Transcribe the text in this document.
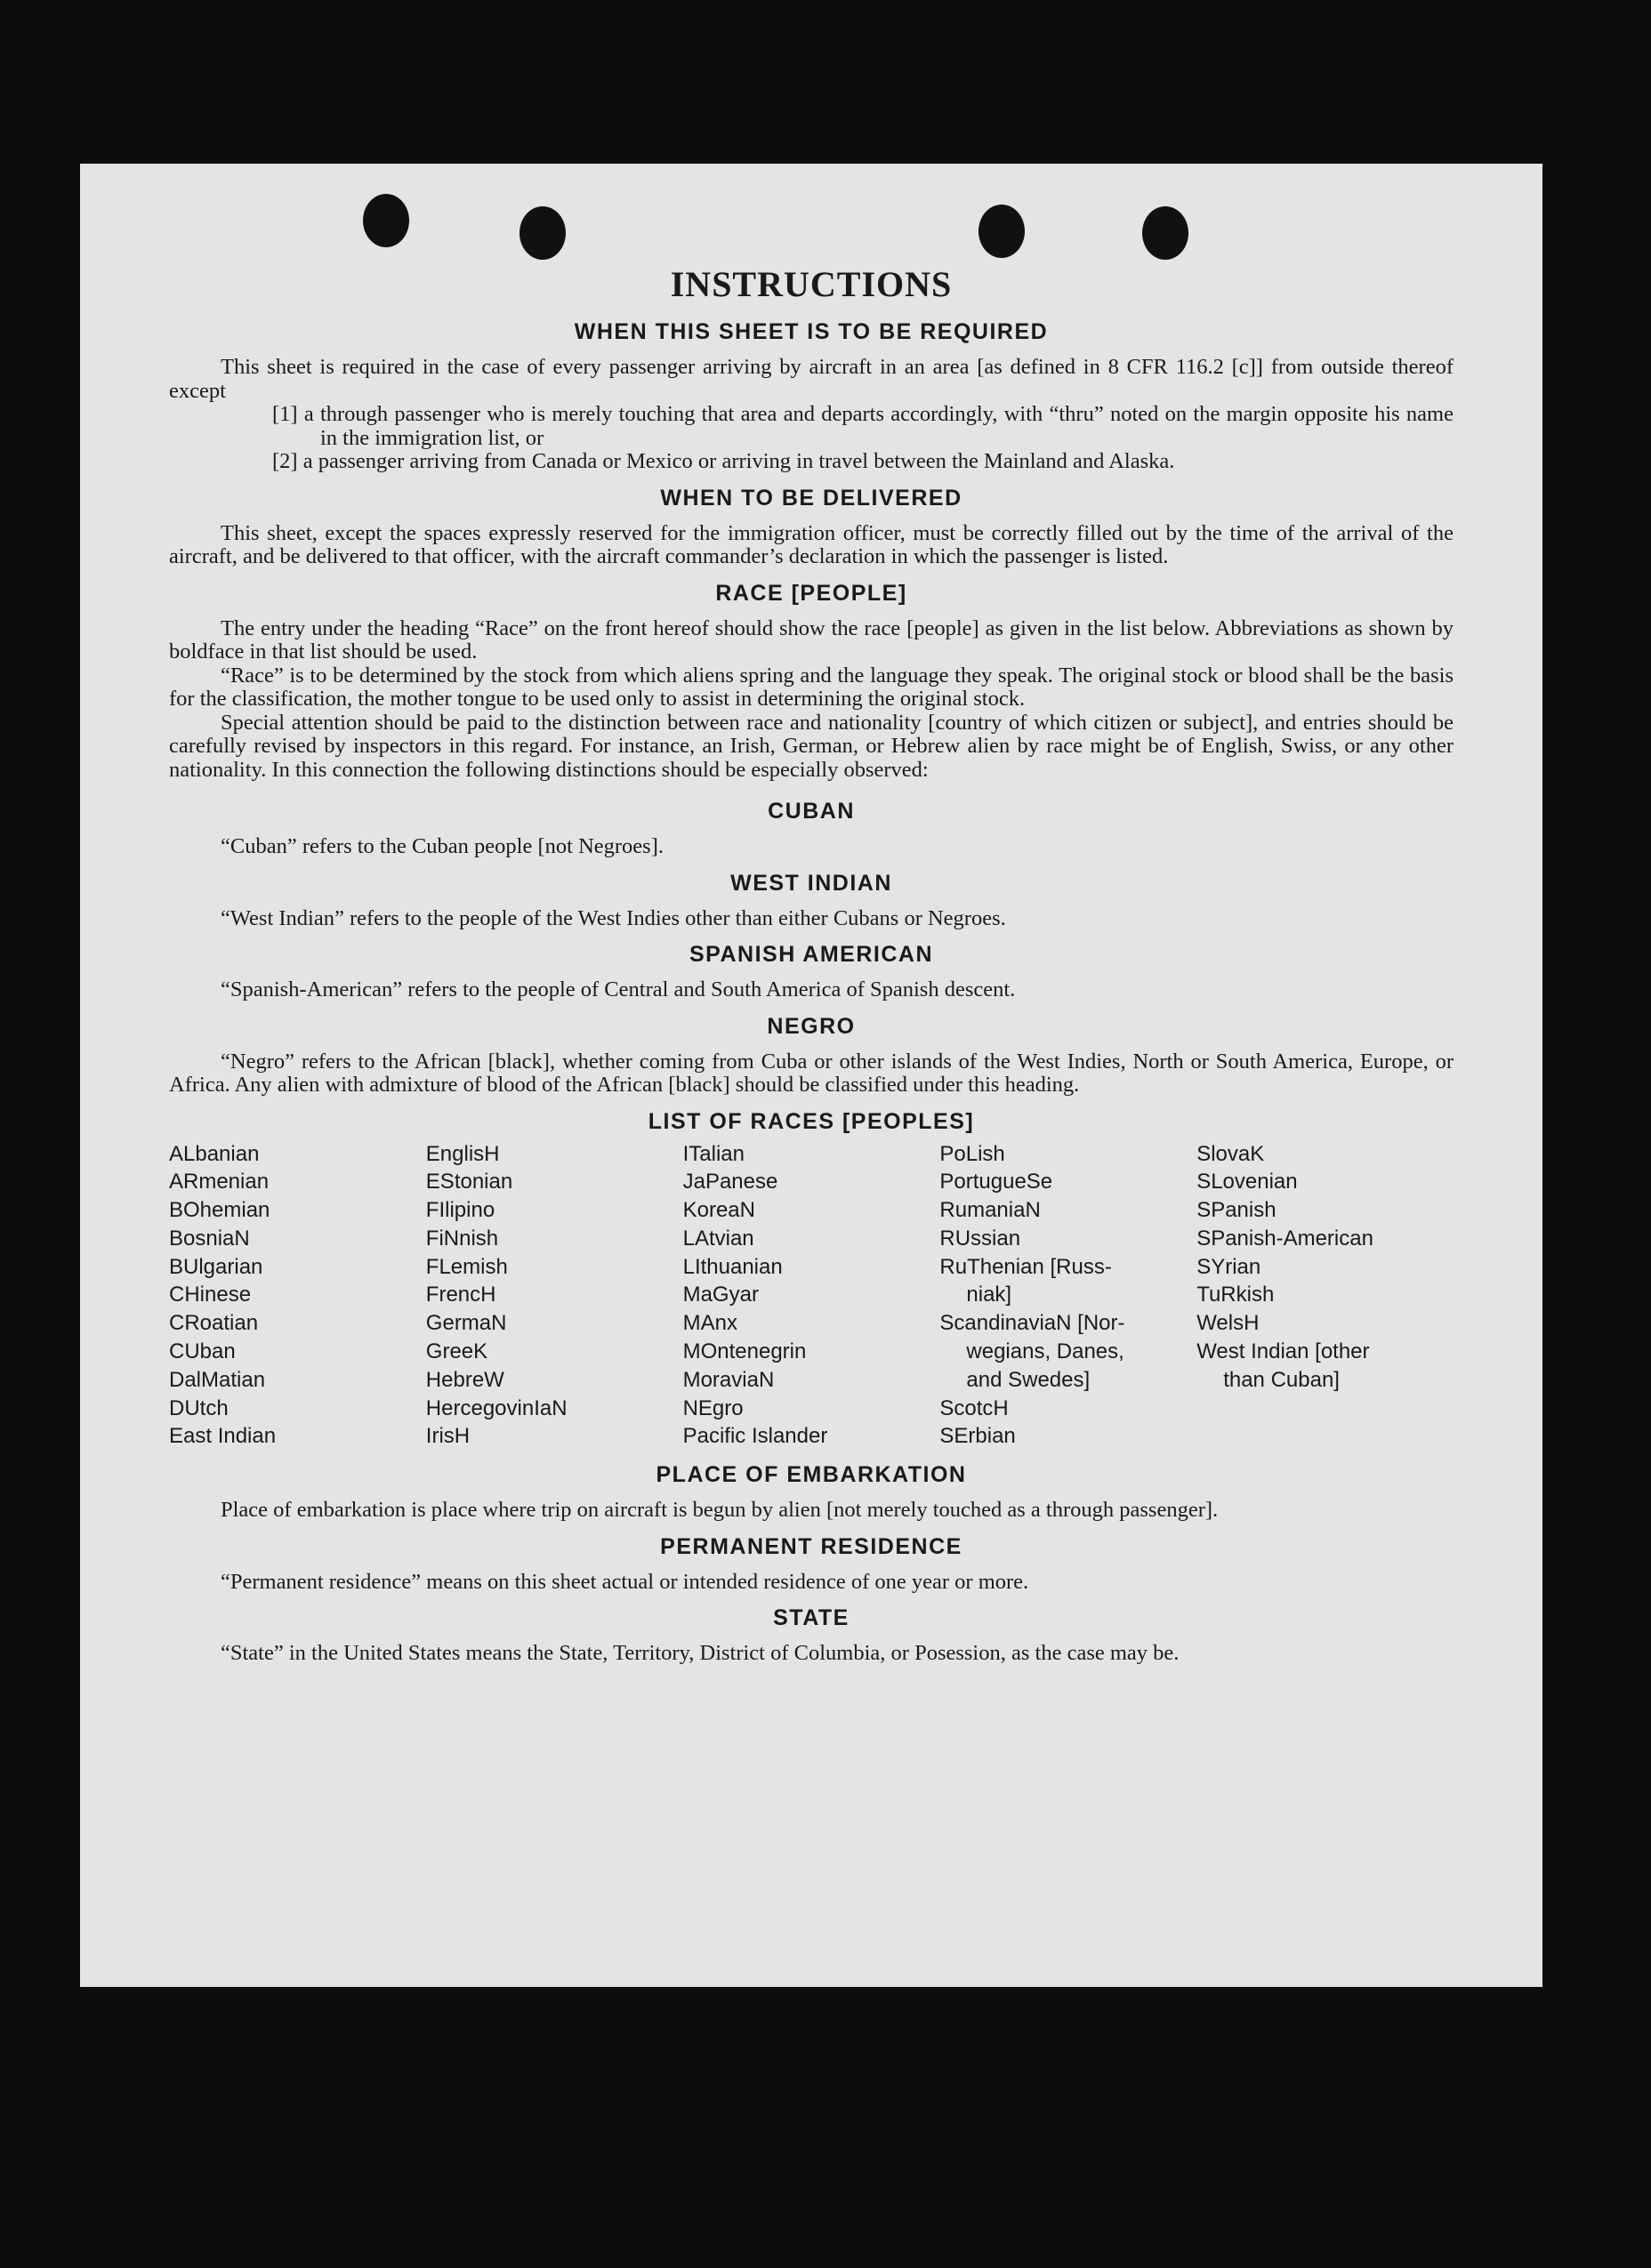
INSTRUCTIONS

WHEN THIS SHEET IS TO BE REQUIRED

This sheet is required in the case of every passenger arriving by aircraft in an area [as defined in 8 CFR 116.2 [c]] from outside thereof except

[1] a through passenger who is merely touching that area and departs accordingly, with “thru” noted on the margin opposite his name in the immigration list, or

[2] a passenger arriving from Canada or Mexico or arriving in travel between the Mainland and Alaska.

WHEN TO BE DELIVERED

This sheet, except the spaces expressly reserved for the immigration officer, must be correctly filled out by the time of the arrival of the aircraft, and be delivered to that officer, with the aircraft commander’s declaration in which the passenger is listed.

RACE [PEOPLE]

The entry under the heading “Race” on the front hereof should show the race [people] as given in the list below. Abbreviations as shown by boldface in that list should be used.

“Race” is to be determined by the stock from which aliens spring and the language they speak. The original stock or blood shall be the basis for the classification, the mother tongue to be used only to assist in determining the original stock.

Special attention should be paid to the distinction between race and nationality [country of which citizen or subject], and entries should be carefully revised by inspectors in this regard. For instance, an Irish, German, or Hebrew alien by race might be of English, Swiss, or any other nationality. In this connection the following distinctions should be especially observed:

CUBAN

“Cuban” refers to the Cuban people [not Negroes].

WEST INDIAN

“West Indian” refers to the people of the West Indies other than either Cubans or Negroes.

SPANISH AMERICAN

“Spanish-American” refers to the people of Central and South America of Spanish descent.

NEGRO

“Negro” refers to the African [black], whether coming from Cuba or other islands of the West Indies, North or South America, Europe, or Africa. Any alien with admixture of blood of the African [black] should be classified under this heading.

LIST OF RACES [PEOPLES]

ALbanian
ARmenian
BOhemian
BosniaN
BUlgarian
CHinese
CRoatian
CUban
DalMatian
DUtch
East Indian
EnglisH
EStonian
FIlipino
FiNnish
FLemish
FrencH
GermaN
GreeK
HebreW
HercegovinIaN
IrisH
ITalian
JaPanese
KoreaN
LAtvian
LIthuanian
MaGyar
MAnx
MOntenegrin
MoraviaN
NEgro
Pacific Islander
PoLish
PortugueSe
RumaniaN
RUssian
RuThenian [Russ-
niak]
ScandinaviaN [Nor-
wegians, Danes,
and Swedes]
ScotcH
SErbian
SlovaK
SLovenian
SPanish
SPanish-American
SYrian
TuRkish
WelsH
West Indian [other
than Cuban]

PLACE OF EMBARKATION

Place of embarkation is place where trip on aircraft is begun by alien [not merely touched as a through passenger].

PERMANENT RESIDENCE

“Permanent residence” means on this sheet actual or intended residence of one year or more.

STATE

“State” in the United States means the State, Territory, District of Columbia, or Posession, as the case may be.
